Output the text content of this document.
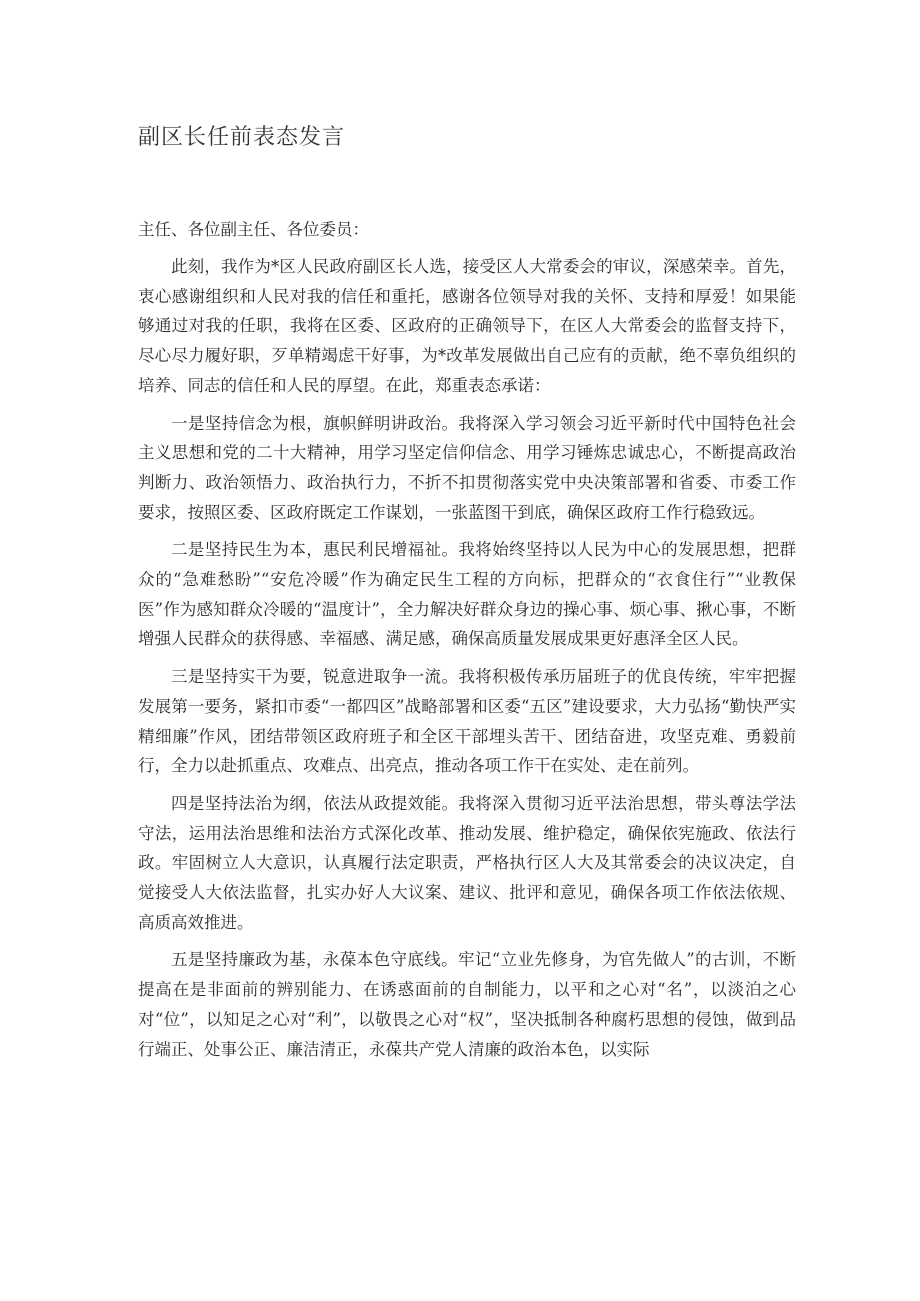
副区长任前表态发言

主任、各位副主任、各位委员：

此刻，我作为*区人民政府副区长人选，接受区人大常委会的审议，深感荣幸。首先，衷心感谢组织和人民对我的信任和重托，感谢各位领导对我的关怀、支持和厚爱！如果能够通过对我的任职，我将在区委、区政府的正确领导下，在区人大常委会的监督支持下，尽心尽力履好职，歹单精竭虑干好事，为*改革发展做出自己应有的贡献，绝不辜负组织的培养、同志的信任和人民的厚望。在此，郑重表态承诺：

一是坚持信念为根，旗帜鲜明讲政治。我将深入学习领会习近平新时代中国特色社会主义思想和党的二十大精神，用学习坚定信仰信念、用学习锤炼忠诚忠心，不断提高政治判断力、政治领悟力、政治执行力，不折不扣贯彻落实党中央决策部署和省委、市委工作要求，按照区委、区政府既定工作谋划，一张蓝图干到底，确保区政府工作行稳致远。

二是坚持民生为本，惠民利民增福祉。我将始终坚持以人民为中心的发展思想，把群众的“急难愁盼”“安危冷暖”作为确定民生工程的方向标，把群众的“衣食住行”“业教保医”作为感知群众冷暖的“温度计”，全力解决好群众身边的操心事、烦心事、揪心事，不断增强人民群众的获得感、幸福感、满足感，确保高质量发展成果更好惠泽全区人民。

三是坚持实干为要，锐意进取争一流。我将积极传承历届班子的优良传统，牢牢把握发展第一要务，紧扣市委“一都四区”战略部署和区委“五区”建设要求，大力弘扬“勤快严实精细廉”作风，团结带领区政府班子和全区干部埋头苦干、团结奋进，攻坚克难、勇毅前行，全力以赴抓重点、攻难点、出亮点，推动各项工作干在实处、走在前列。

四是坚持法治为纲，依法从政提效能。我将深入贯彻习近平法治思想，带头尊法学法守法，运用法治思维和法治方式深化改革、推动发展、维护稳定，确保依宪施政、依法行政。牢固树立人大意识，认真履行法定职责，严格执行区人大及其常委会的决议决定，自觉接受人大依法监督，扎实办好人大议案、建议、批评和意见，确保各项工作依法依规、高质高效推进。

五是坚持廉政为基，永葆本色守底线。牢记“立业先修身，为官先做人”的古训，不断提高在是非面前的辨别能力、在诱惑面前的自制能力，以平和之心对“名”，以淡泊之心对“位”，以知足之心对“利”，以敬畏之心对“权”，坚决抵制各种腐朽思想的侵蚀，做到品行端正、处事公正、廉洁清正，永葆共产党人清廉的政治本色，以实际
